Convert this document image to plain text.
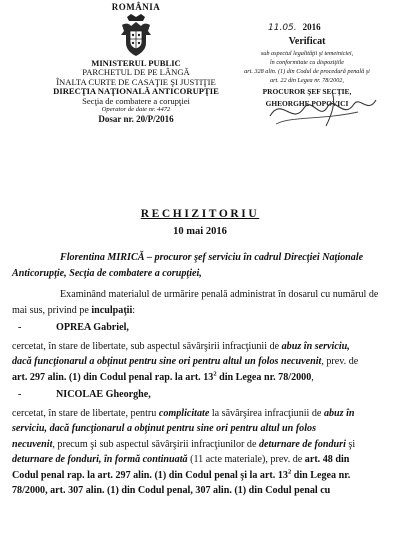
ROMÂNIA
MINISTERUL PUBLIC
PARCHETUL DE PE LÂNGĂ
ÎNALTA CURTE DE CASAŢIE ŞI JUSTIŢIE
DIRECŢIA NAŢIONALĂ ANTICORUPŢIE
Secţia de combatere a corupţiei
Operator de date nr. 4472
Dosar nr. 20/P/2016
11.05. 2016
Verificat
sub aspectul legalităţii şi temeiniciei,
în conformitate cu dispoziţiile
art. 328 alin. (1) din Codul de procedură penală şi
art. 22 din Legea nr. 78/2002,
PROCUROR ŞEF SECŢIE,
GHEORGHE POPOVICI
RECHIZITORIU
10 mai 2016

Florentina MIRICĂ – procuror şef serviciu în cadrul Direcţiei Naţionale
Anticorupţie, Secţia de combatere a corupţiei,

Examinând materialul de urmărire penală administrat în dosarul cu numărul de
mai sus, privind pe inculpaţii:

-	OPREA Gabriel,

cercetat, în stare de libertate, sub aspectul săvârşirii infracţiunii de abuz în serviciu,
dacă funcţionarul a obţinut pentru sine ori pentru altul un folos necuvenit, prev. de
art. 297 alin. (1) din Codul penal rap. la art. $13^2$ din Legea nr. 78/2000,

-	NICOLAE Gheorghe,

cercetat, în stare de libertate, pentru complicitate la săvârşirea infracţiunii de abuz în
serviciu, dacă funcţionarul a obţinut pentru sine ori pentru altul un folos
necuvenit, precum şi sub aspectul săvârşirii infracţiunilor de deturnare de fonduri şi
deturnare de fonduri, în formă continuată (11 acte materiale), prev. de art. 48 din
Codul penal rap. la art. 297 alin. (1) din Codul penal şi la art. $13^2$ din Legea nr.
78/2000, art. 307 alin. (1) din Codul penal, 307 alin. (1) din Codul penal cu
